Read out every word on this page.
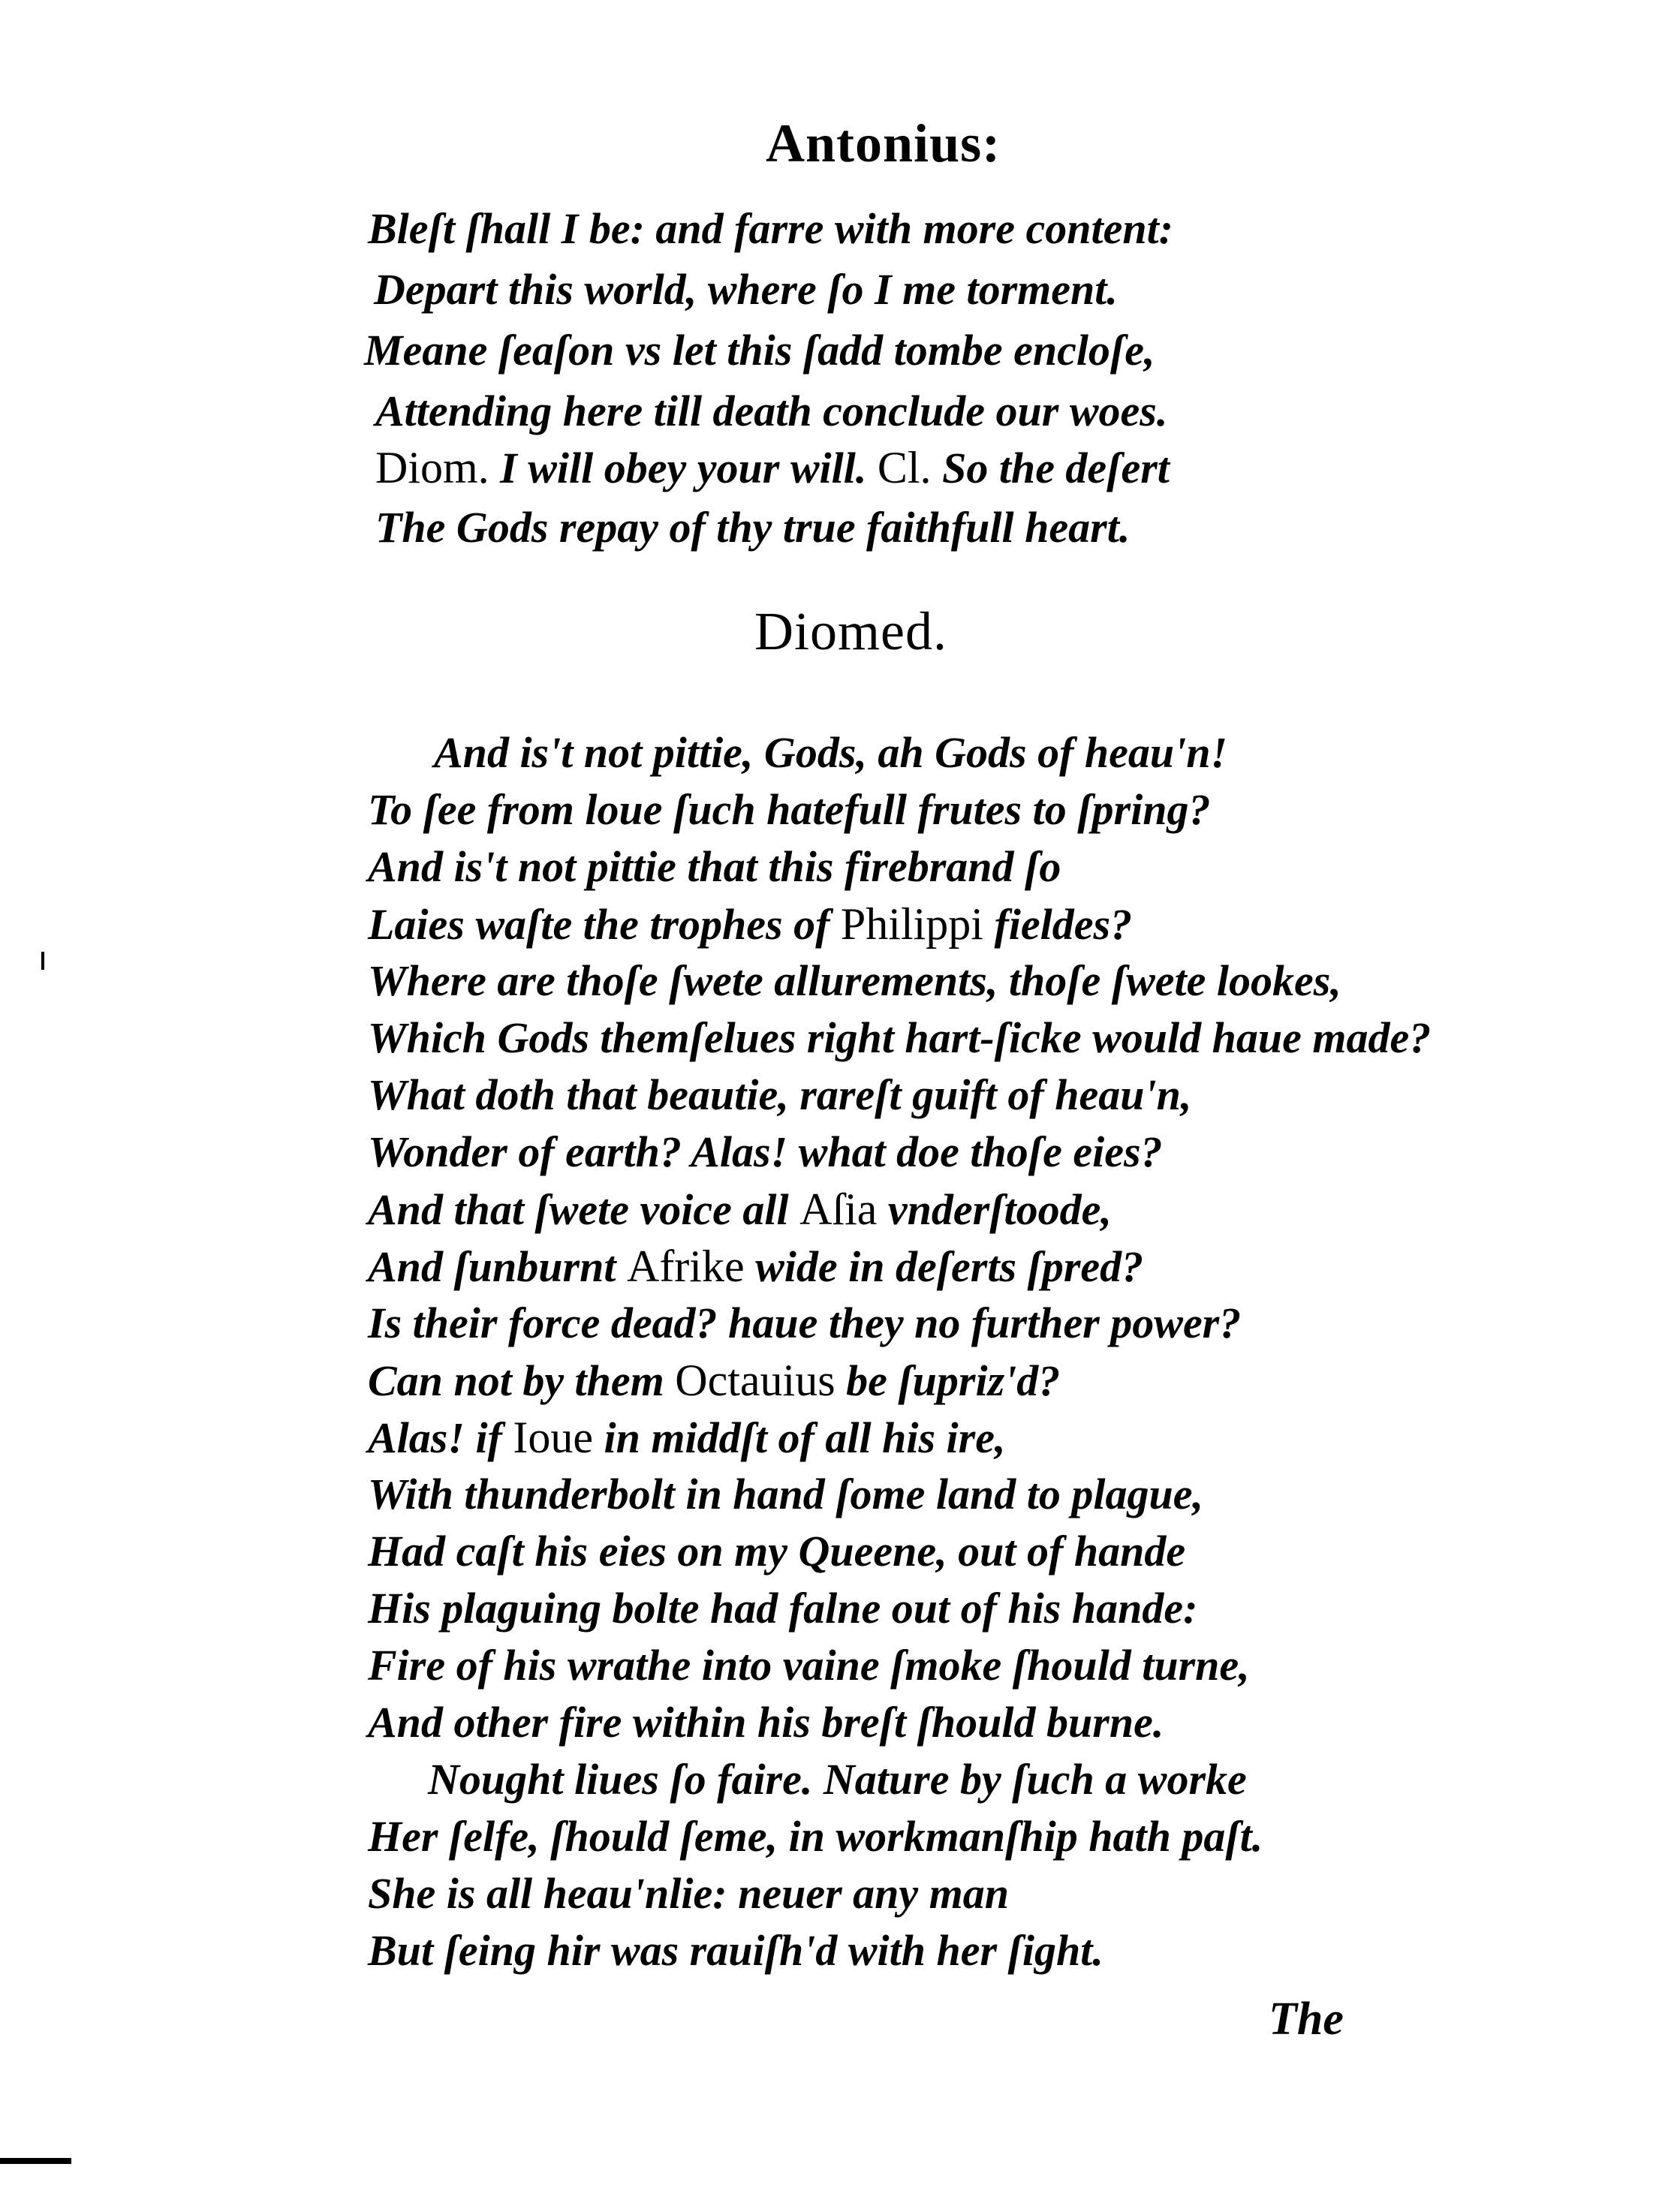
Antonius:
Bleſt ſhall I be: and farre with more content:
Depart this world, where ſo I me torment.
Meane ſeaſon vs let this ſadd tombe encloſe,
Attending here till death conclude our woes.
Diom. I will obey your will. Cl. So the deſert
The Gods repay of thy true faithfull heart.
Diomed.
And is't not pittie, Gods, ah Gods of heau'n!
To ſee from loue ſuch hatefull frutes to ſpring?
And is't not pittie that this firebrand ſo
Laies waſte the trophes of Philippi fieldes?
Where are thoſe ſwete allurements, thoſe ſwete lookes,
Which Gods themſelues right hart-ſicke would haue made?
What doth that beautie, rareſt guift of heau'n,
Wonder of earth? Alas! what doe thoſe eies?
And that ſwete voice all Aſia vnderſtoode,
And ſunburnt Afrike wide in deſerts ſpred?
Is their force dead? haue they no further power?
Can not by them Octauius be ſupriz'd?
Alas! if Ioue in middſt of all his ire,
With thunderbolt in hand ſome land to plague,
Had caſt his eies on my Queene, out of hande
His plaguing bolte had falne out of his hande:
Fire of his wrathe into vaine ſmoke ſhould turne,
And other fire within his breſt ſhould burne.
Nought liues ſo faire. Nature by ſuch a worke
Her ſelfe, ſhould ſeme, in workmanſhip hath paſt.
She is all heau'nlie: neuer any man
But ſeing hir was rauiſh'd with her ſight.
The
